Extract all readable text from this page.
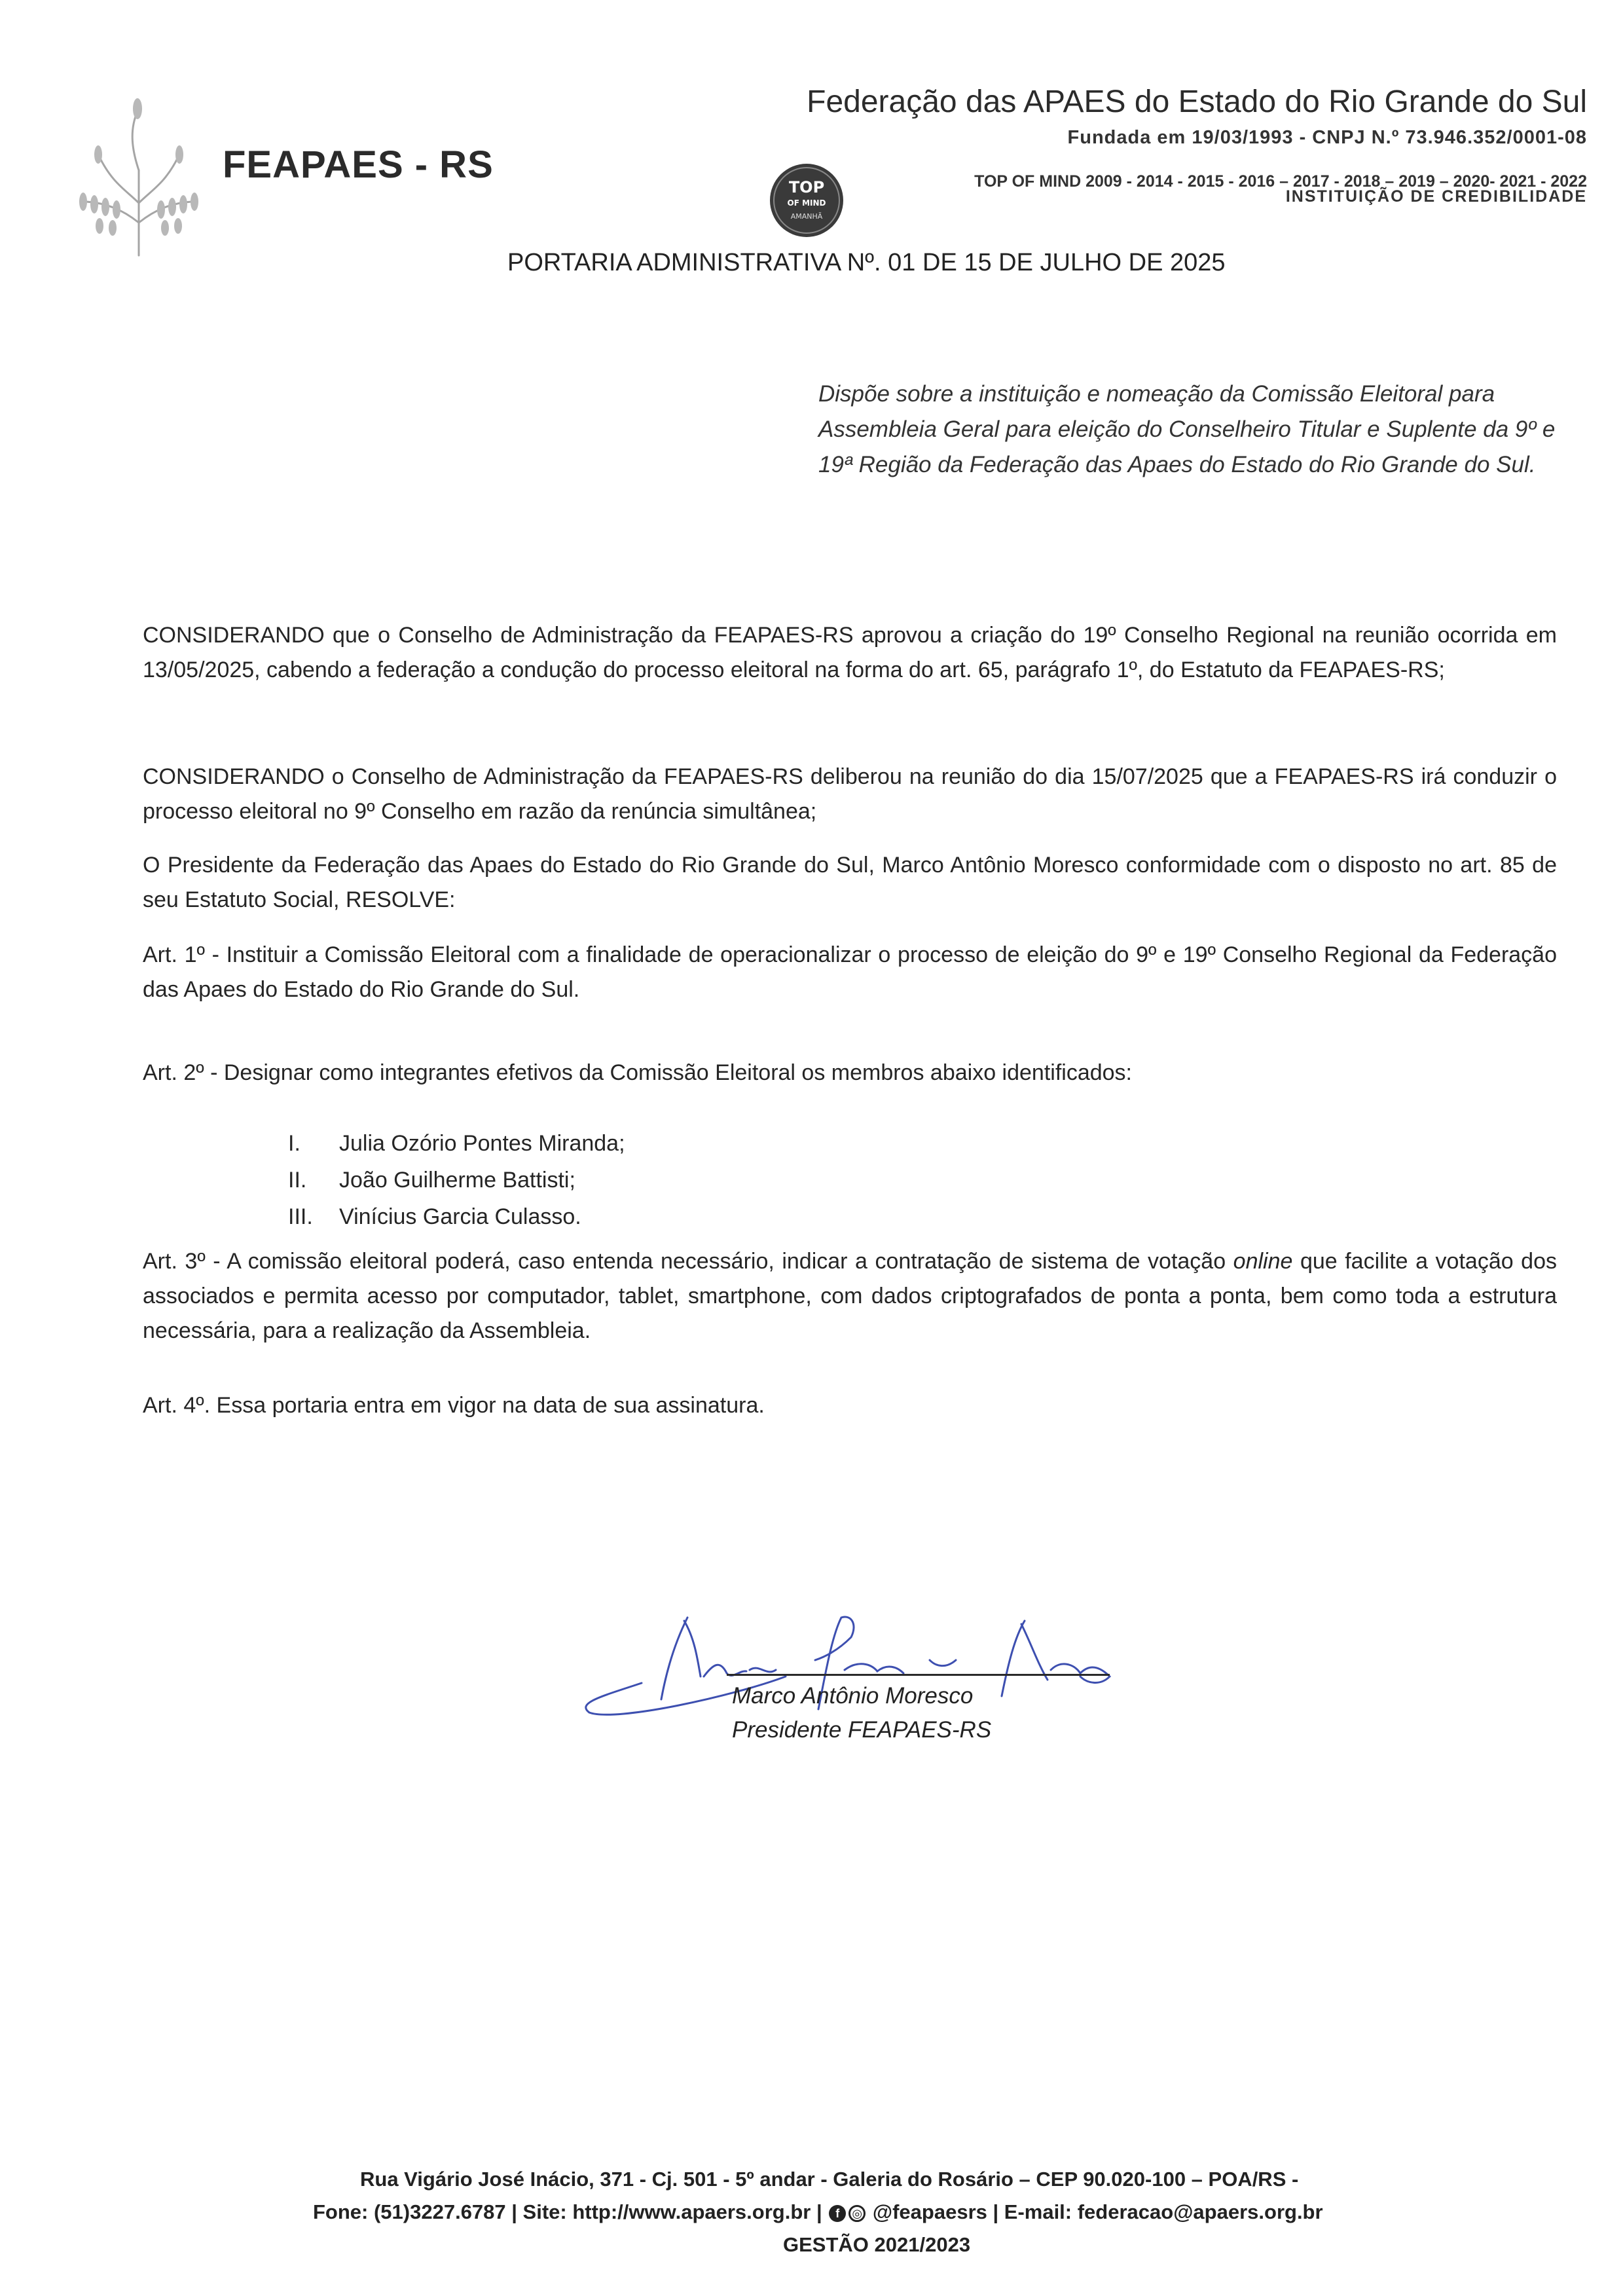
FEAPAES - RS
Federação das APAES do Estado do Rio Grande do Sul
Fundada em 19/03/1993 - CNPJ N.º 73.946.352/0001-08
TOP
OF MIND
AMANHÃ
TOP OF MIND 2009 - 2014 - 2015 - 2016 – 2017 - 2018 – 2019 – 2020- 2021 - 2022
INSTITUIÇÃO DE CREDIBILIDADE
PORTARIA ADMINISTRATIVA Nº. 01 DE 15 DE JULHO DE 2025
Dispõe sobre a instituição e nomeação da Comissão Eleitoral para Assembleia Geral para eleição do Conselheiro Titular e Suplente da 9º e 19ª Região da Federação das Apaes do Estado do Rio Grande do Sul.
CONSIDERANDO que o Conselho de Administração da FEAPAES-RS aprovou a criação do 19º Conselho Regional na reunião ocorrida em 13/05/2025, cabendo a federação a condução do processo eleitoral na forma do art. 65, parágrafo 1º, do Estatuto da FEAPAES-RS;
CONSIDERANDO o Conselho de Administração da FEAPAES-RS deliberou na reunião do dia 15/07/2025 que a FEAPAES-RS irá conduzir o processo eleitoral no 9º Conselho em razão da renúncia simultânea;
O Presidente da Federação das Apaes do Estado do Rio Grande do Sul, Marco Antônio Moresco conformidade com o disposto no art. 85 de seu Estatuto Social, RESOLVE:
Art. 1º - Instituir a Comissão Eleitoral com a finalidade de operacionalizar o processo de eleição do 9º e 19º Conselho Regional da Federação das Apaes do Estado do Rio Grande do Sul.
Art. 2º - Designar como integrantes efetivos da Comissão Eleitoral os membros abaixo identificados:
I. Julia Ozório Pontes Miranda;
II. João Guilherme Battisti;
III. Vinícius Garcia Culasso.
Art. 3º - A comissão eleitoral poderá, caso entenda necessário, indicar a contratação de sistema de votação online que facilite a votação dos associados e permita acesso por computador, tablet, smartphone, com dados criptografados de ponta a ponta, bem como toda a estrutura necessária, para a realização da Assembleia.
Art. 4º. Essa portaria entra em vigor na data de sua assinatura.
Marco Antônio Moresco
Presidente FEAPAES-RS
Rua Vigário José Inácio, 371 - Cj. 501 - 5º andar - Galeria do Rosário – CEP 90.020-100 – POA/RS -
Fone: (51)3227.6787 | Site: http://www.apaers.org.br | f ◎ @feapaesrs | E-mail: federacao@apaers.org.br
GESTÃO 2021/2023
